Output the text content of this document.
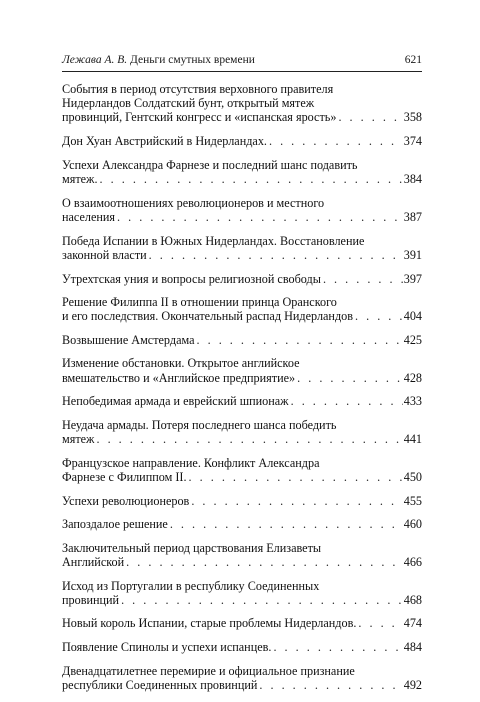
Лежава А. В. Деньги смутных времени	621
События в период отсутствия верховного правителя
Нидерландов Солдатский бунт, открытый мятеж
провинций, Гентский конгресс и «испанская ярость» . . .	358
Дон Хуан Австрийский в Нидерландах. . . .	374
Успехи Александра Фарнезе и последний шанс подавить
мятеж. . . .	384
О взаимоотношениях революционеров и местного
населения . . .	387
Победа Испании в Южных Нидерландах. Восстановление
законной власти . . .	391
Утрехтская уния и вопросы религиозной свободы . . .	397
Решение Филиппа II в отношении принца Оранского
и его последствия. Окончательный распад Нидерландов . . .	404
Возвышение Амстердама . . .	425
Изменение обстановки. Открытое английское
вмешательство и «Английское предприятие» . . .	428
Непобедимая армада и еврейский шпионаж . . .	433
Неудача армады. Потеря последнего шанса победить
мятеж . . .	441
Французское направление. Конфликт Александра
Фарнезе с Филиппом II. . . .	450
Успехи революционеров . . .	455
Запоздалое решение . . .	460
Заключительный период царствования Елизаветы
Английской . . .	466
Исход из Португалии в республику Соединенных
провинций . . .	468
Новый король Испании, старые проблемы Нидерландов. . . .	474
Появление Спинолы и успехи испанцев. . . .	484
Двенадцатилетнее перемирие и официальное признание
республики Соединенных провинций . . .	492
